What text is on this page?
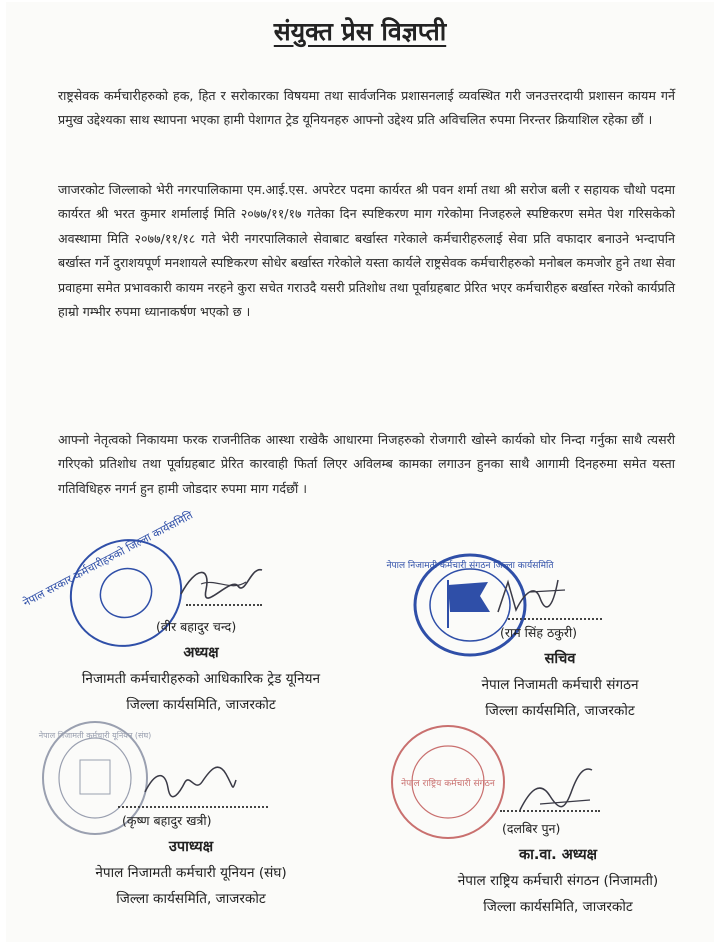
संयुक्त प्रेस विज्ञप्ती

राष्ट्रसेवक कर्मचारीहरुको हक, हित र सरोकारका विषयमा तथा सार्वजनिक प्रशासनलाई व्यवस्थित गरी जनउत्तरदायी प्रशासन कायम गर्ने प्रमुख उद्देश्यका साथ स्थापना भएका हामी पेशागत ट्रेड यूनियनहरु आफ्नो उद्देश्य प्रति अविचलित रुपमा निरन्तर क्रियाशिल रहेका छौं ।

जाजरकोट जिल्लाको भेरी नगरपालिकामा एम.आई.एस. अपरेटर पदमा कार्यरत श्री पवन शर्मा तथा श्री सरोज बली र सहायक चौथो पदमा कार्यरत श्री भरत कुमार शर्मालाई मिति २०७७/११/१७ गतेका दिन स्पष्टिकरण माग गरेकोमा निजहरुले स्पष्टिकरण समेत पेश गरिसकेको अवस्थामा मिति २०७७/११/१८ गते भेरी नगरपालिकाले सेवाबाट बर्खास्त गरेकाले कर्मचारीहरुलाई सेवा प्रति वफादार बनाउने भन्दापनि बर्खास्त गर्ने दुराशयपूर्ण मनशायले स्पष्टिकरण सोधेर बर्खास्त गरेकोले यस्ता कार्यले राष्ट्रसेवक कर्मचारीहरुको मनोबल कमजोर हुने तथा सेवा प्रवाहमा समेत प्रभावकारी कायम नरहने कुरा सचेत गराउदै यसरी प्रतिशोध तथा पूर्वाग्रहबाट प्रेरित भएर कर्मचारीहरु बर्खास्त गरेको कार्यप्रति हाम्रो गम्भीर रुपमा ध्यानाकर्षण भएको छ ।

आफ्नो नेतृत्वको निकायमा फरक राजनीतिक आस्था राखेकै आधारमा निजहरुको रोजगारी खोस्ने कार्यको घोर निन्दा गर्नुका साथै त्यसरी गरिएको प्रतिशोध तथा पूर्वाग्रहबाट प्रेरित कारवाही फिर्ता लिएर अविलम्ब कामका लगाउन हुनका साथै आगामी दिनहरुमा समेत यस्ता गतिविधिहरु नगर्न हुन हामी जोडदार रुपमा माग गर्दछौं ।

नेपाल सरकार कर्मचारीहरुको जिल्ला कार्यसमिति	नेपाल निजामती कर्मचारी संगठन जिल्ला कार्यसमिति
(वीर बहादुर चन्द)
अध्यक्ष
निजामती कर्मचारीहरुको आधिकारिक ट्रेड यूनियन
जिल्ला कार्यसमिति, जाजरकोट
(राम सिंह ठकुरी)
सचिव
नेपाल निजामती कर्मचारी संगठन
जिल्ला कार्यसमिति, जाजरकोट
नेपाल निजामती कर्मचारी यूनियन (संघ)
नेपाल राष्ट्रिय कर्मचारी संगठन
(कृष्ण बहादुर खत्री)
उपाध्यक्ष
नेपाल निजामती कर्मचारी यूनियन (संघ)
जिल्ला कार्यसमिति, जाजरकोट
(दलबिर पुन)
का.वा. अध्यक्ष
नेपाल राष्ट्रिय कर्मचारी संगठन (निजामती)
जिल्ला कार्यसमिति, जाजरकोट
